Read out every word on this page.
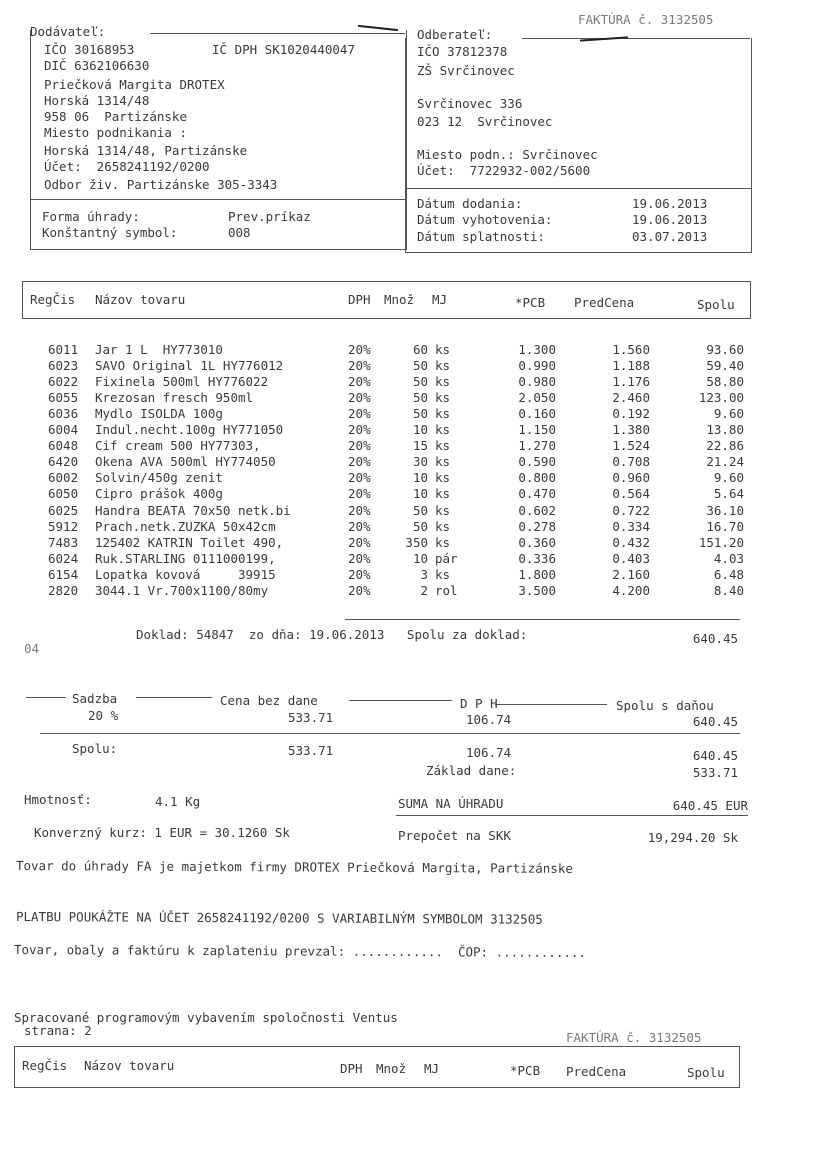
FAKTÚRA č. 3132505
Dodávateľ:
IČO 30168953	IČ DPH SK1020440047
DIČ 6362106630
Priečková Margita DROTEX
Horská 1314/48
958 06  Partizánske
Miesto podnikania :
Horská 1314/48, Partizánske
Účet:  2658241192/0200
Odbor živ. Partizánske 305-3343
Odberateľ:
IČO 37812378
ZŠ Svrčinovec
Svrčinovec 336
023 12  Svrčinovec
Miesto podn.: Svrčinovec
Účet:  7722932-002/5600
Forma úhrady:	Prev.príkaz
Konštantný symbol:	008
Dátum dodania:	19.06.2013
Dátum vyhotovenia:	19.06.2013
Dátum splatnosti:	03.07.2013
RegČis Názov tovaru	DPH Množ MJ	*PCB PredCena	Spolu
6011 Jar 1 L  HY773010	20%	60 ks	1.300	1.560	93.60
6023 SAVO Original 1L HY776012	20%	50 ks	0.990	1.188	59.40
6022 Fixinela 500ml HY776022	20%	50 ks	0.980	1.176	58.80
6055 Krezosan fresch 950ml	20%	50 ks	2.050	2.460	123.00
6036 Mydlo ISOLDA 100g	20%	50 ks	0.160	0.192	9.60
6004 Indul.necht.100g HY771050	20%	10 ks	1.150	1.380	13.80
6048 Cif cream 500 HY77303,	20%	15 ks	1.270	1.524	22.86
6420 Okena AVA 500ml HY774050	20%	30 ks	0.590	0.708	21.24
6002 Solvin/450g zenit	20%	10 ks	0.800	0.960	9.60
6050 Cipro prášok 400g	20%	10 ks	0.470	0.564	5.64
6025 Handra BEATA 70x50 netk.bi	20%	50 ks	0.602	0.722	36.10
5912 Prach.netk.ZUZKA 50x42cm	20%	50 ks	0.278	0.334	16.70
7483 125402 KATRIN Toilet 490,	20%	350 ks	0.360	0.432	151.20
6024 Ruk.STARLING 0111000199,	20%	10 pár	0.336	0.403	4.03
6154 Lopatka kovová     39915	20%	3 ks	1.800	2.160	6.48
2820 3044.1 Vr.700x1100/80my	20%	2 rol	3.500	4.200	8.40
Doklad: 54847  zo dňa: 19.06.2013   Spolu za doklad:	640.45
04
Sadzba	Cena bez dane	D P H	Spolu s daňou
20 %	533.71	106.74	640.45
Spolu:	533.71	106.74	640.45
Základ dane:	533.71
Hmotnosť:	4.1 Kg	SUMA NA ÚHRADU	640.45 EUR
Konverzný kurz: 1 EUR = 30.1260 Sk	Prepočet na SKK	19,294.20 Sk
Tovar do úhrady FA je majetkom firmy DROTEX Priečková Margita, Partizánske
PLATBU POUKÁŽTE NA ÚČET 2658241192/0200 S VARIABILNÝM SYMBOLOM 3132505
Tovar, obaly a faktúru k zaplateniu prevzal: ............  ČOP: ............
Spracované programovým vybavením spoločnosti Ventus
strana: 2	FAKTÚRA č. 3132505
RegČis Názov tovaru	DPH Množ MJ	*PCB PredCena	Spolu
